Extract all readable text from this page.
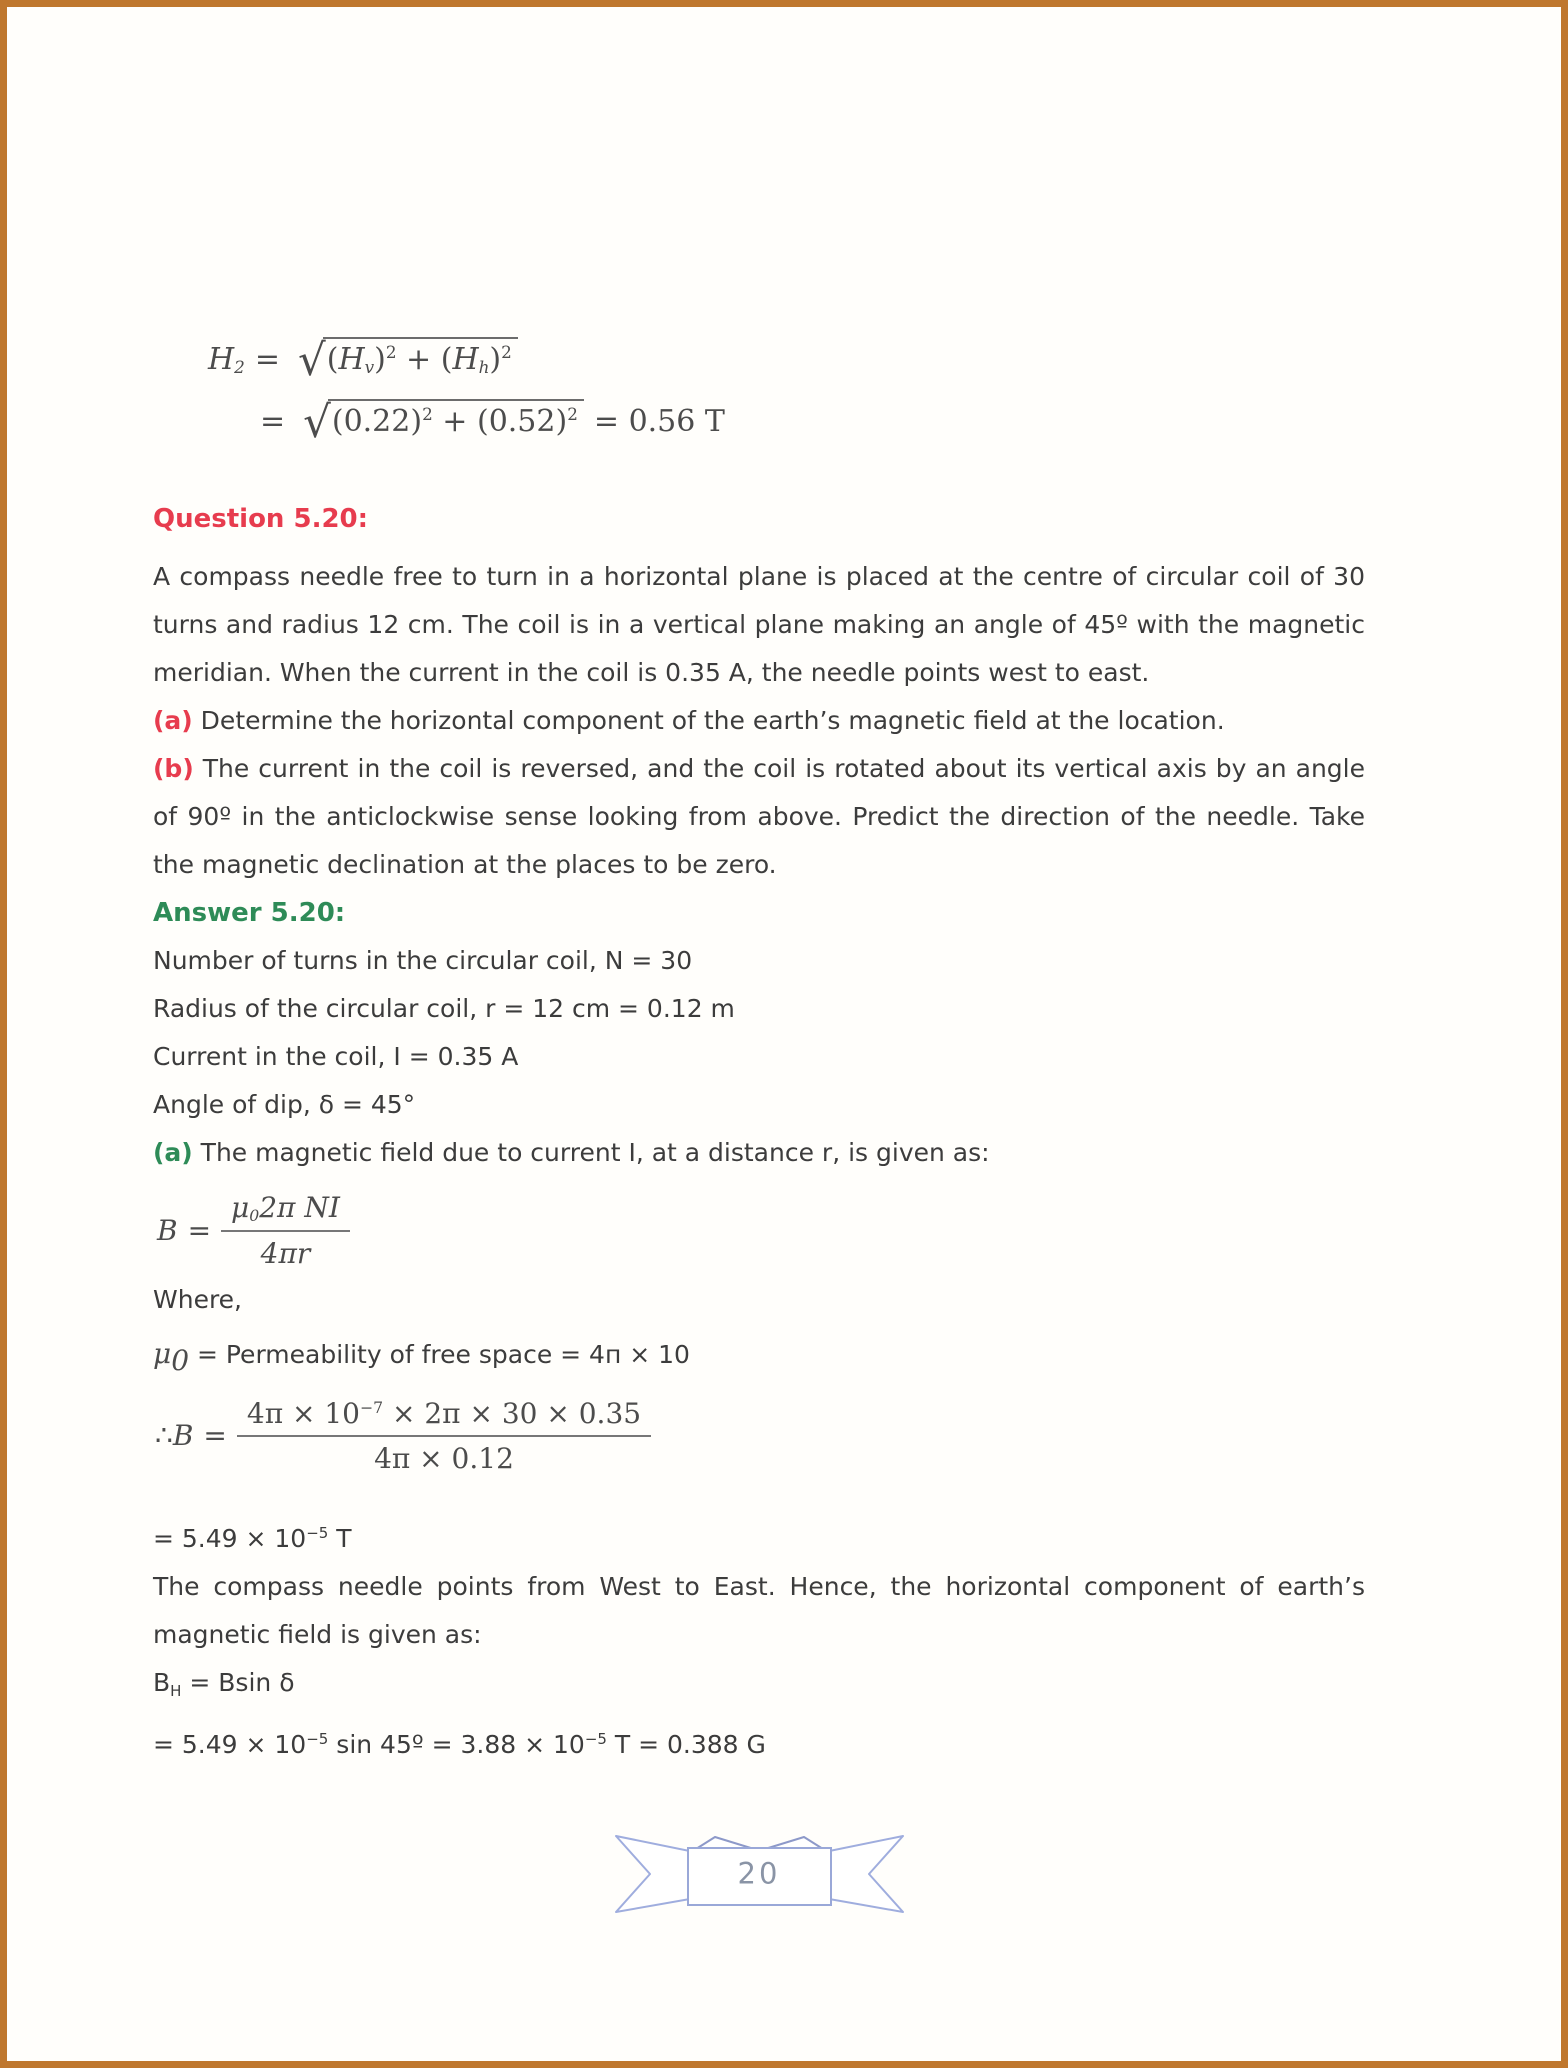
$H_2$ = √ $(H_v)^2 + (H_h)^2$
= √ $(0.22)^2 + (0.52)^2 = 0.56$ T

Question 5.20:

A compass needle free to turn in a horizontal plane is placed at the centre of circular coil of 30 turns and radius 12 cm. The coil is in a vertical plane making an angle of 45º with the magnetic meridian. When the current in the coil is 0.35 A, the needle points west to east.

(a) Determine the horizontal component of the earth’s magnetic field at the location.

(b) The current in the coil is reversed, and the coil is rotated about its vertical axis by an angle of 90º in the anticlockwise sense looking from above. Predict the direction of the needle. Take the magnetic declination at the places to be zero.

Answer 5.20:

Number of turns in the circular coil, N = 30

Radius of the circular coil, r = 12 cm = 0.12 m

Current in the coil, I = 0.35 A

Angle of dip, δ = 45°

(a) The magnetic field due to current I, at a distance r, is given as:

$B = \frac{\mu_02\pi NI}{4\pi r}$

Where,

$\mu_0$ = Permeability of free space = 4п × 10

∴ $B = \frac{4\pi \times 10^{-7} \times 2\pi \times 30 \times 0.35}{4\pi \times 0.12}$

= $5.49 \times 10^{-5}$ T

The compass needle points from West to East. Hence, the horizontal component of earth’s magnetic field is given as:

$B_H = Bsin$ δ

= $5.49 \times 10^{-5}$ sin 45º = $3.88 \times 10^{-5}$ T = 0.388 G

20
